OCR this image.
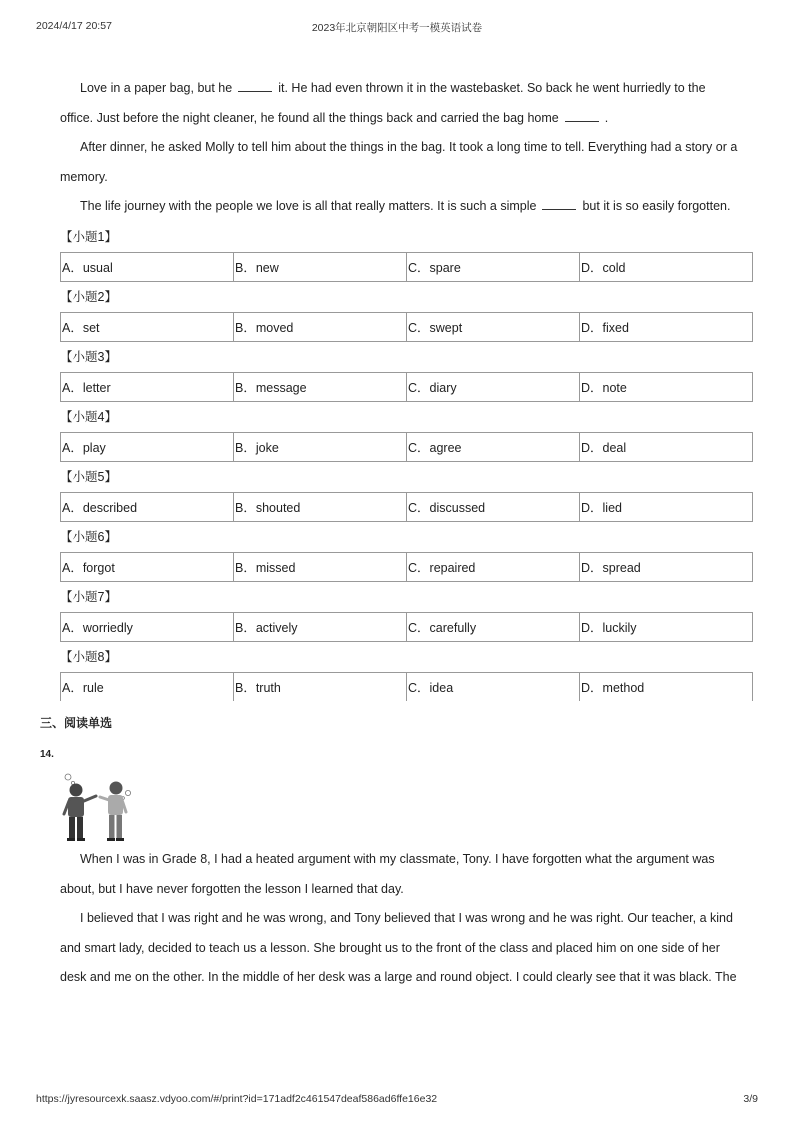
2024/4/17 20:57	2023年北京朝阳区中考一模英语试卷

Love in a paper bag, but he	it. He had even thrown it in the wastebasket. So back he went hurriedly to the

office. Just before the night cleaner, he found all the things back and carried the bag home	.

After dinner, he asked Molly to tell him about the things in the bag. It took a long time to tell. Everything had a story or a

memory.

The life journey with the people we love is all that really matters. It is such a simple	but it is so easily forgotten.

【小题1】
A．usual	B．new	C．spare	D．cold
【小题2】
A．set	B．moved	C．swept	D．fixed
【小题3】
A．letter	B．message	C．diary	D．note
【小题4】
A．play	B．joke	C．agree	D．deal
【小题5】
A．described	B．shouted	C．discussed	D．lied
【小题6】
A．forgot	B．missed	C．repaired	D．spread
【小题7】
A．worriedly	B．actively	C．carefully	D．luckily
【小题8】
A．rule	B．truth	C．idea	D．method
三、阅读单选
14.

When I was in Grade 8, I had a heated argument with my classmate, Tony. I have forgotten what the argument was

about, but I have never forgotten the lesson I learned that day.

I believed that I was right and he was wrong, and Tony believed that I was wrong and he was right. Our teacher, a kind

and smart lady, decided to teach us a lesson. She brought us to the front of the class and placed him on one side of her

desk and me on the other. In the middle of her desk was a large and round object. I could clearly see that it was black. The

https://jyresourcexk.saasz.vdyoo.com/#/print?id=171adf2c461547deaf586ad6ffe16e32	3/9
